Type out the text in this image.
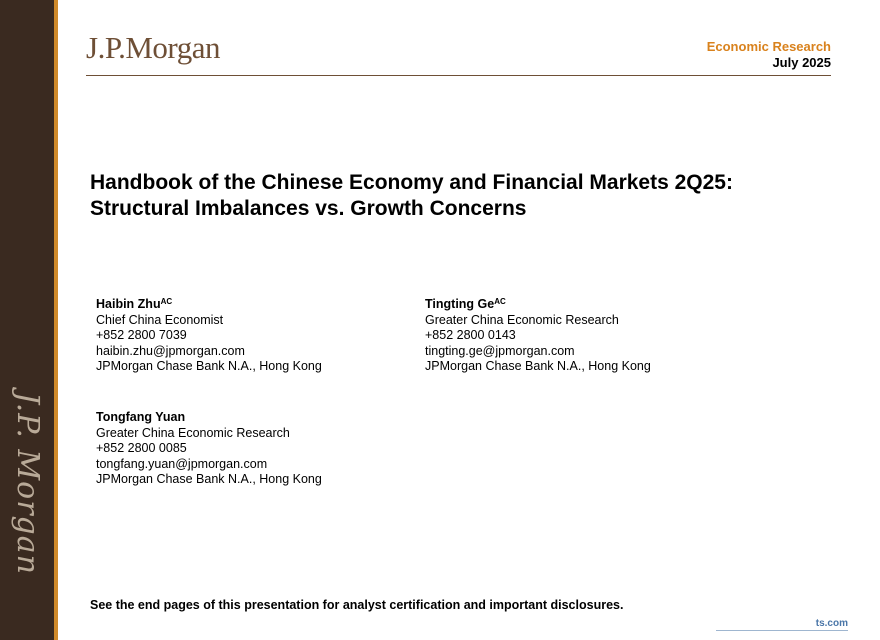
J.P. Morgan
J.P.Morgan	Economic Research
July 2025
Handbook of the Chinese Economy and Financial Markets 2Q25:
Structural Imbalances vs. Growth Concerns
Haibin Zhu$^{AC}$
Chief China Economist
+852 2800 7039
haibin.zhu@jpmorgan.com
JPMorgan Chase Bank N.A., Hong Kong
Tingting $Ge^{AC}$
Greater China Economic Research
+852 2800 0143
tingting.ge@jpmorgan.com
JPMorgan Chase Bank N.A., Hong Kong
Tongfang Yuan
Greater China Economic Research
+852 2800 0085
tongfang.yuan@jpmorgan.com
JPMorgan Chase Bank N.A., Hong Kong
See the end pages of this presentation for analyst certification and important disclosures.
ts.com
